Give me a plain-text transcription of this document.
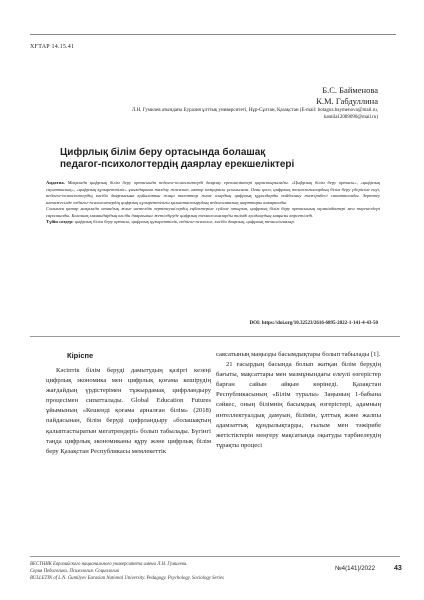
ХҒТАР 14.15.41
Б.С. Байменова
К.М. Габдуллина
Л.Н. Гумилев атындағы Еуразия ұлттық университеті, Нұр-Сұлтан, Қазақстан (E-mail: botagoz.baymenova@mail.ru, kamila12089090@mail.ru)
Цифрлық білім беру ортасында болашақ
педагог-психологтердің даярлау ерекшеліктері

Аңдатпа. Мақалада цифрлық білім беру ортасында педагог-психологтерді даярлау ерекшеліктері қарастырылады. «Цифрлық білім беру ортасы», «цифрлық сауаттылық», «цифрлық құзыреттілік» ұғымдарына талдау жасалып, автор көзқарасы ұсынылған. Оған қоса, цифрлық технологиялардың білім беру үдерісіне енуі, педагог-психологтердің кәсіби даярлығына қойылатын жаңа талаптар және олардың цифрлық құралдарды пайдалану тәжірибесі сипатталады. Зерттеу нәтижесінде педагог-психологтердің цифрлық құзыреттілігін қалыптастырудың педагогикалық шарттары анықталды.

Сонымен қатар мақалада отандық және шетелдік зерттеушілердің еңбектеріне сүйене отырып, цифрлық білім беру ортасының мүмкіндіктері мен тәуекелдері сараланады. Болашақ мамандардың кәсіби даярлығын жетілдіруде цифрлық технологияларды тиімді қолданудың маңызы көрсетіледі.

Түйін сөздер: цифрлық білім беру ортасы, цифрлық құзыреттілік, педагог-психолог, кәсіби даярлық, цифрлық технологиялар.

DOI: https://doi.org/10.32523/2616-6895-2022-1-141-4-43-50
Кіріспе

Кәсіптік білім беруді дамытудың қазіргі кезеңі цифрлық экономика мен цифрлық қоғама кешірудің жағдайдың үрдістерімен тұжырдамақ цифрландыру процесімен сипатталады. Global Education Futures ұйымының «Кешенді қоғама арналған білім» (2018) пайдасынан, білім беруді цифрландыру «болашақтың қалыптастыратын мегатрендері» болып табылады. Бүгінгі таңда цифрлық экономиканы құру және цифрлық білім беру Қазақстан Республикасы мемлекеттік

саясатының маңызды басымдықтары болып табылады [1].

21 ғасырдың басында болып жатқан білім берудің бағыты, мақсаттары мен мазмұнындағы елеулі өзгерістер барған сайын айқын көрінеді. Қазақстан Республикасының «Білім туралы» Заңының 1-бабына сәйкес, оның білімнің басымдық өзгерістері, адамның интеллектуалдық дамуын, білімін, ұлттық және жалпы адамзаттық құндылықтарды, ғылым мен тәжірибе жетістіктерін меңгеру мақсатында оқытуды тәрбиелеудің тұрақты процесі

ВЕСТНИК Евразийского национального университета имени Л.Н. Гумилева.
Серия Педагогика. Психология. Социология
BULLETIN of L.N. Gumilyov Eurasian National University. Pedagogy. Psychology. Sociology Series
№4(141)/2022	43
